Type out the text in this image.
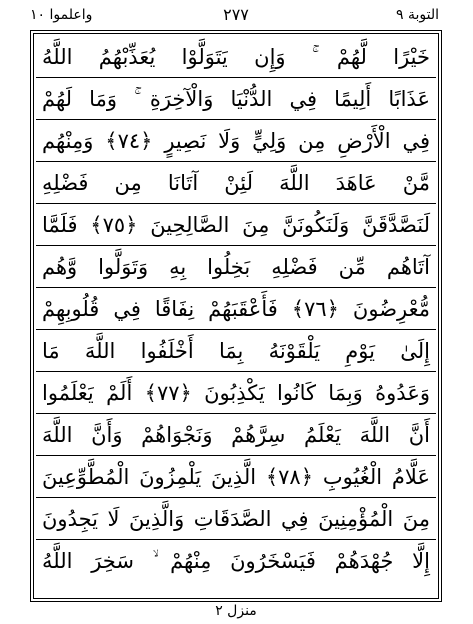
التوبة ٩
٢٧٧
واعلموا ١٠
خَيْرًا لَّهُمْ ۚ وَإِن يَتَوَلَّوْا يُعَذِّبْهُمُ اللَّهُ
عَذَابًا أَلِيمًا فِي الدُّنْيَا وَالْآخِرَةِ ۚ وَمَا لَهُمْ
فِي الْأَرْضِ مِن وَلِيٍّ وَلَا نَصِيرٍ ﴿٧٤﴾ وَمِنْهُم
مَّنْ عَاهَدَ اللَّهَ لَئِنْ آتَانَا مِن فَضْلِهِ
لَنَصَّدَّقَنَّ وَلَنَكُونَنَّ مِنَ الصَّالِحِينَ ﴿٧٥﴾ فَلَمَّا
آتَاهُم مِّن فَضْلِهِ بَخِلُوا بِهِ وَتَوَلَّوا وَّهُم
مُّعْرِضُونَ ﴿٧٦﴾ فَأَعْقَبَهُمْ نِفَاقًا فِي قُلُوبِهِمْ
إِلَىٰ يَوْمِ يَلْقَوْنَهُ بِمَا أَخْلَفُوا اللَّهَ مَا
وَعَدُوهُ وَبِمَا كَانُوا يَكْذِبُونَ ﴿٧٧﴾ أَلَمْ يَعْلَمُوا
أَنَّ اللَّهَ يَعْلَمُ سِرَّهُمْ وَنَجْوَاهُمْ وَأَنَّ اللَّهَ
عَلَّامُ الْغُيُوبِ ﴿٧٨﴾ الَّذِينَ يَلْمِزُونَ الْمُطَّوِّعِينَ
مِنَ الْمُؤْمِنِينَ فِي الصَّدَقَاتِ وَالَّذِينَ لَا يَجِدُونَ
إِلَّا جُهْدَهُمْ فَيَسْخَرُونَ مِنْهُمْ ۙ سَخِرَ اللَّهُ
منزل ٢
